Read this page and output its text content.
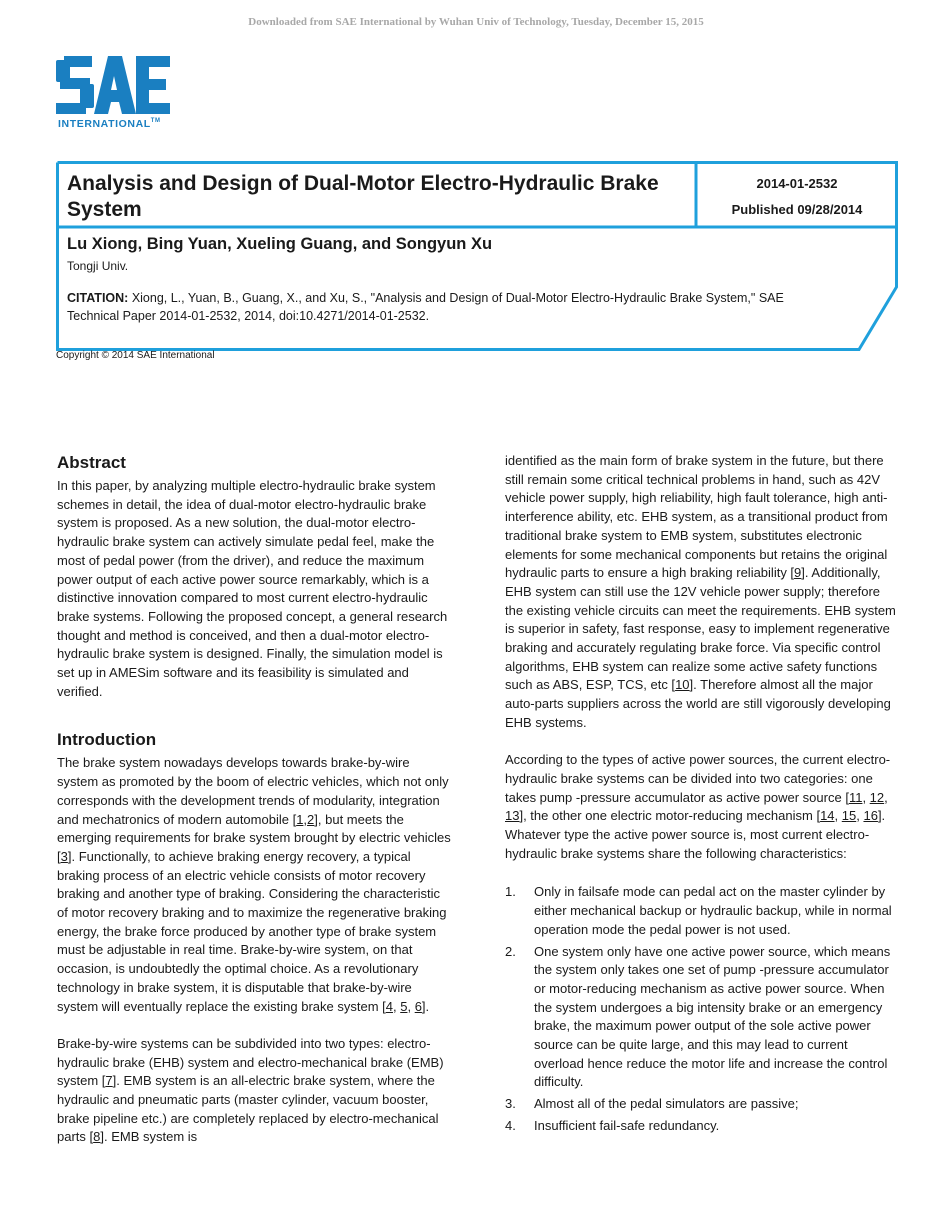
Downloaded from SAE International by Wuhan Univ of Technology, Tuesday, December 15, 2015
INTERNATIONAL™
Analysis and Design of Dual-Motor Electro-Hydraulic Brake System
2014-01-2532
Published 09/28/2014
Lu Xiong, Bing Yuan, Xueling Guang, and Songyun Xu
Tongji Univ.
CITATION: Xiong, L., Yuan, B., Guang, X., and Xu, S., "Analysis and Design of Dual-Motor Electro-Hydraulic Brake System," SAE Technical Paper 2014-01-2532, 2014, doi:10.4271/2014-01-2532.
Copyright © 2014 SAE International
Abstract

In this paper, by analyzing multiple electro-hydraulic brake system schemes in detail, the idea of dual-motor electro-hydraulic brake system is proposed. As a new solution, the dual-motor electro-hydraulic brake system can actively simulate pedal feel, make the most of pedal power (from the driver), and reduce the maximum power output of each active power source remarkably, which is a distinctive innovation compared to most current electro-hydraulic brake systems. Following the proposed concept, a general research thought and method is conceived, and then a dual-motor electro-hydraulic brake system is designed. Finally, the simulation model is set up in AMESim software and its feasibility is simulated and verified.

Introduction

The brake system nowadays develops towards brake-by-wire system as promoted by the boom of electric vehicles, which not only corresponds with the development trends of modularity, integration and mechatronics of modern automobile [1,2], but meets the emerging requirements for brake system brought by electric vehicles [3]. Functionally, to achieve braking energy recovery, a typical braking process of an electric vehicle consists of motor recovery braking and another type of braking. Considering the characteristic of motor recovery braking and to maximize the regenerative braking energy, the brake force produced by another type of brake system must be adjustable in real time. Brake-by-wire system, on that occasion, is undoubtedly the optimal choice. As a revolutionary technology in brake system, it is disputable that brake-by-wire system will eventually replace the existing brake system [4, 5, 6].

Brake-by-wire systems can be subdivided into two types: electro-hydraulic brake (EHB) system and electro-mechanical brake (EMB) system [7]. EMB system is an all-electric brake system, where the hydraulic and pneumatic parts (master cylinder, vacuum booster, brake pipeline etc.) are completely replaced by electro-mechanical parts [8]. EMB system is

identified as the main form of brake system in the future, but there still remain some critical technical problems in hand, such as 42V vehicle power supply, high reliability, high fault tolerance, high anti-interference ability, etc. EHB system, as a transitional product from traditional brake system to EMB system, substitutes electronic elements for some mechanical components but retains the original hydraulic parts to ensure a high braking reliability [9]. Additionally, EHB system can still use the 12V vehicle power supply; therefore the existing vehicle circuits can meet the requirements. EHB system is superior in safety, fast response, easy to implement regenerative braking and accurately regulating brake force. Via specific control algorithms, EHB system can realize some active safety functions such as ABS, ESP, TCS, etc [10]. Therefore almost all the major auto-parts suppliers across the world are still vigorously developing EHB systems.

According to the types of active power sources, the current electro-hydraulic brake systems can be divided into two categories: one takes pump -pressure accumulator as active power source [11, 12, 13], the other one electric motor-reducing mechanism [14, 15, 16]. Whatever type the active power source is, most current electro-hydraulic brake systems share the following characteristics:

1. Only in failsafe mode can pedal act on the master cylinder by either mechanical backup or hydraulic backup, while in normal operation mode the pedal power is not used.
2. One system only have one active power source, which means the system only takes one set of pump -pressure accumulator or motor-reducing mechanism as active power source. When the system undergoes a big intensity brake or an emergency brake, the maximum power output of the sole active power source can be quite large, and this may lead to current overload hence reduce the motor life and increase the control difficulty.
3. Almost all of the pedal simulators are passive;
4. Insufficient fail-safe redundancy.
